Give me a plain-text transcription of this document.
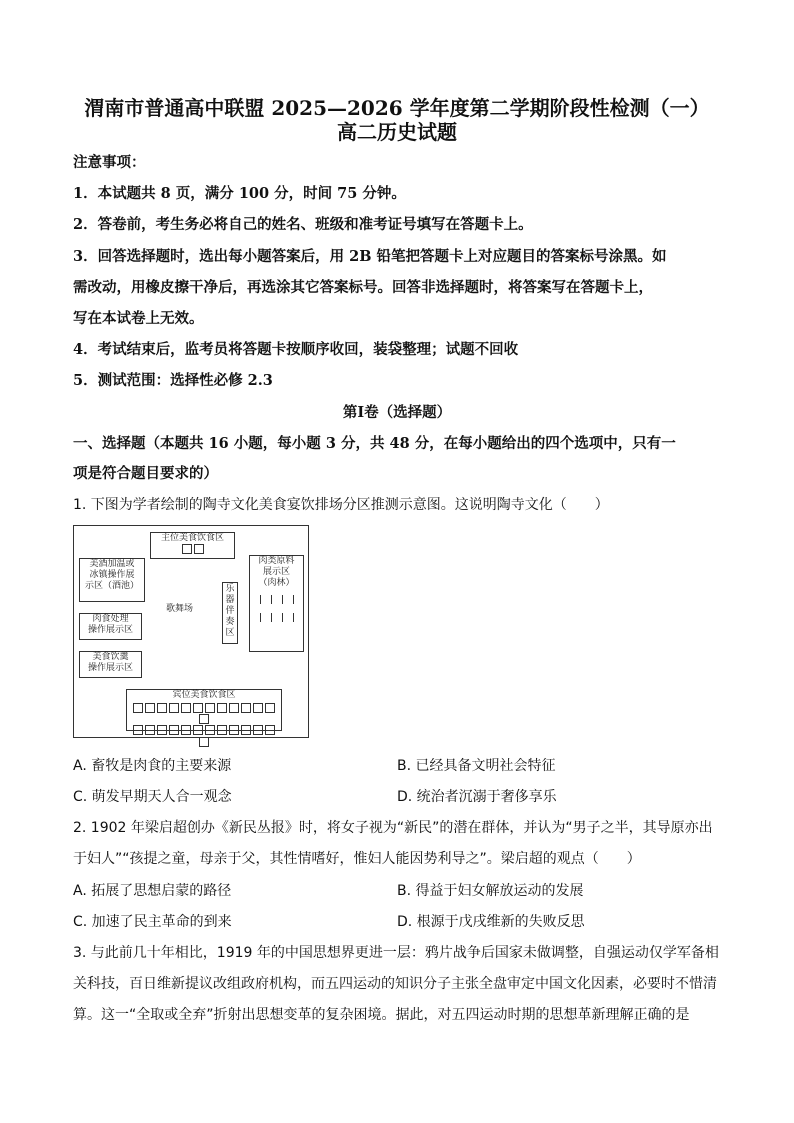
渭南市普通高中联盟 2025—2026 学年度第二学期阶段性检测（一）
高二历史试题
注意事项：
1．本试题共 8 页，满分 100 分，时间 75 分钟。
2．答卷前，考生务必将自己的姓名、班级和准考证号填写在答题卡上。
3．回答选择题时，选出每小题答案后，用 2B 铅笔把答题卡上对应题目的答案标号涂黑。如
需改动，用橡皮擦干净后，再选涂其它答案标号。回答非选择题时，将答案写在答题卡上，
写在本试卷上无效。
4．考试结束后，监考员将答题卡按顺序收回，装袋整理；试题不回收
5．测试范围：选择性必修 2.3
第Ⅰ卷（选择题）
一、选择题（本题共 16 小题，每小题 3 分，共 48 分，在每小题给出的四个选项中，只有一
项是符合题目要求的）
1. 下图为学者绘制的陶寺文化美食宴饮排场分区推测示意图。这说明陶寺文化（　　）
主位美食饮食区
美酒加温或
冰镇操作展
示区（酒池）
肉食处理
操作展示区
美食饮羹
操作展示区
歌舞场
乐
器
伴
奏
区
肉类原料
展示区
（肉林）
宾位美食饮食区
A. 畜牧是肉食的主要来源	B. 已经具备文明社会特征
C. 萌发早期天人合一观念	D. 统治者沉溺于奢侈享乐
2. 1902 年梁启超创办《新民丛报》时，将女子视为“新民”的潜在群体，并认为“男子之半，其导原亦出
于妇人”“孩提之童，母亲于父，其性情嗜好，惟妇人能因势利导之”。梁启超的观点（　　）
A. 拓展了思想启蒙的路径	B. 得益于妇女解放运动的发展
C. 加速了民主革命的到来	D. 根源于戊戌维新的失败反思
3. 与此前几十年相比，1919 年的中国思想界更进一层：鸦片战争后国家未做调整，自强运动仅学军备相
关科技，百日维新提议改组政府机构，而五四运动的知识分子主张全盘审定中国文化因素，必要时不惜清
算。这一“全取或全弃”折射出思想变革的复杂困境。据此，对五四运动时期的思想革新理解正确的是
